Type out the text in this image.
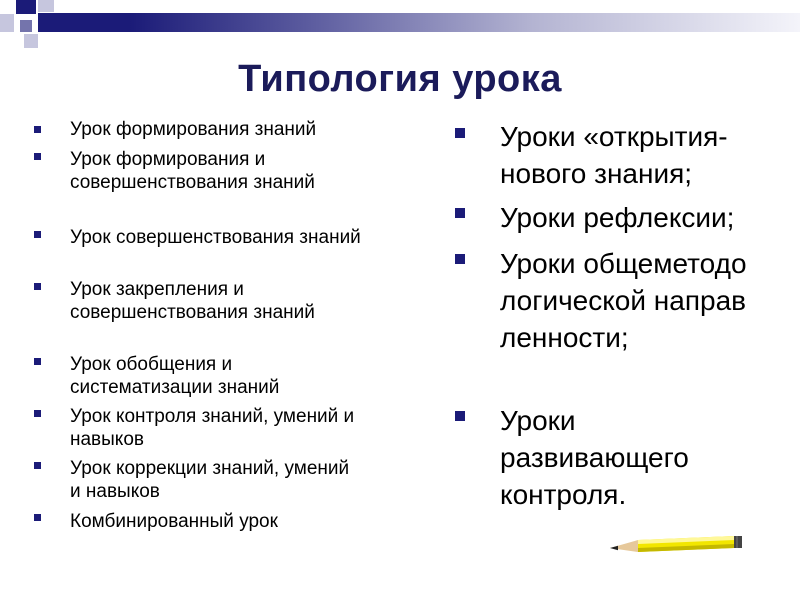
Типология урока
Урок формирования знаний
Урок формирования и совершенствования знаний
Урок совершенствования знаний
Урок закрепления и совершенствования знаний
Урок обобщения и систематизации знаний
Урок контроля знаний, умений и навыков
Урок коррекции знаний, умений и навыков
Комбинированный урок
Уроки «открытия-нового знания;
Уроки рефлексии;
Уроки общеметодологической направленности;
Уроки развивающего контроля.
